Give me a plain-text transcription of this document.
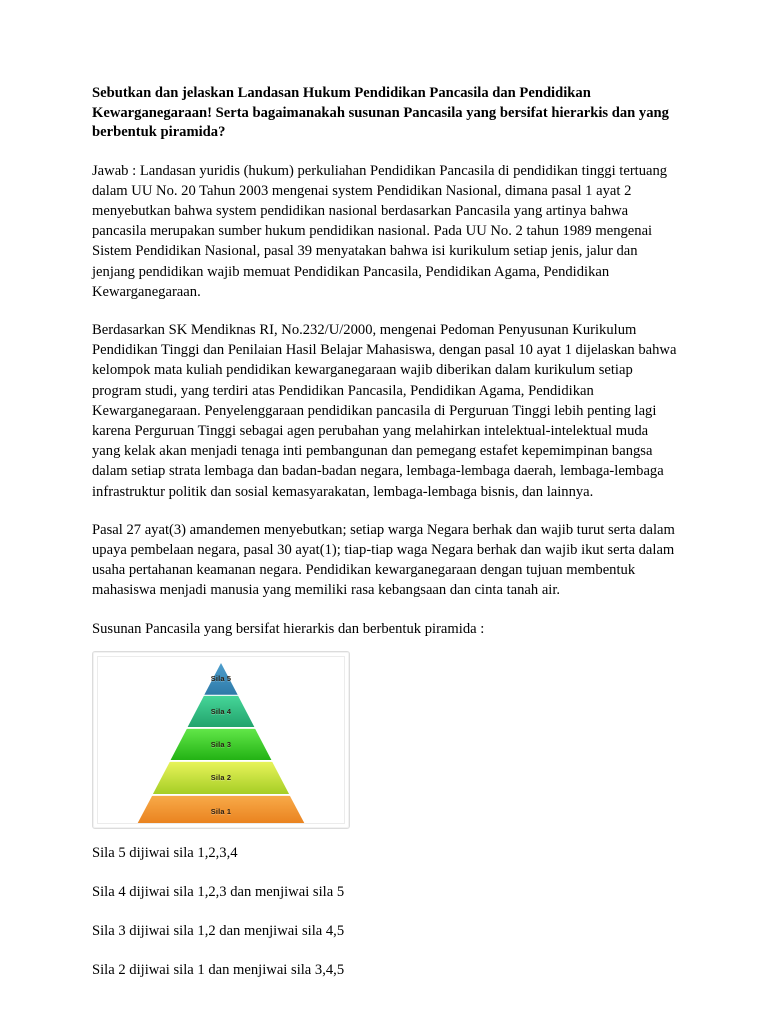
Sebutkan dan jelaskan Landasan Hukum Pendidikan Pancasila dan Pendidikan Kewarganegaraan! Serta bagaimanakah susunan Pancasila yang bersifat hierarkis dan yang berbentuk piramida?

Jawab : Landasan yuridis (hukum) perkuliahan Pendidikan Pancasila di pendidikan tinggi tertuang dalam UU No. 20 Tahun 2003 mengenai system Pendidikan Nasional, dimana pasal 1 ayat 2 menyebutkan bahwa system pendidikan nasional berdasarkan Pancasila yang artinya bahwa pancasila merupakan sumber hukum pendidikan nasional. Pada UU No. 2 tahun 1989 mengenai Sistem Pendidikan Nasional, pasal 39 menyatakan bahwa isi kurikulum setiap jenis, jalur dan jenjang pendidikan wajib memuat Pendidikan Pancasila, Pendidikan Agama, Pendidikan Kewarganegaraan.

Berdasarkan SK Mendiknas RI, No.232/U/2000, mengenai Pedoman Penyusunan Kurikulum Pendidikan Tinggi dan Penilaian Hasil Belajar Mahasiswa, dengan pasal 10 ayat 1 dijelaskan bahwa kelompok mata kuliah pendidikan kewarganegaraan wajib diberikan dalam kurikulum setiap program studi, yang terdiri atas Pendidikan Pancasila, Pendidikan Agama, Pendidikan Kewarganegaraan. Penyelenggaraan pendidikan pancasila di Perguruan Tinggi lebih penting lagi karena Perguruan Tinggi sebagai agen perubahan yang melahirkan intelektual-intelektual muda yang kelak akan menjadi tenaga inti pembangunan dan pemegang estafet kepemimpinan bangsa dalam setiap strata lembaga dan badan-badan negara, lembaga-lembaga daerah, lembaga-lembaga infrastruktur politik dan sosial kemasyarakatan, lembaga-lembaga bisnis, dan lainnya.

Pasal 27 ayat(3) amandemen menyebutkan; setiap warga Negara berhak dan wajib turut serta dalam upaya pembelaan negara, pasal 30 ayat(1); tiap-tiap waga Negara berhak dan wajib ikut serta dalam usaha pertahanan keamanan negara. Pendidikan kewarganegaraan dengan tujuan membentuk mahasiswa menjadi manusia yang memiliki rasa kebangsaan dan cinta tanah air.

Susunan Pancasila yang bersifat hierarkis dan berbentuk piramida :

Sila 5
Sila 4
Sila 3
Sila 2
Sila 1

Sila 5 dijiwai sila 1,2,3,4

Sila 4 dijiwai sila 1,2,3 dan menjiwai sila 5

Sila 3 dijiwai sila 1,2 dan menjiwai sila 4,5

Sila 2 dijiwai sila 1 dan menjiwai sila 3,4,5
